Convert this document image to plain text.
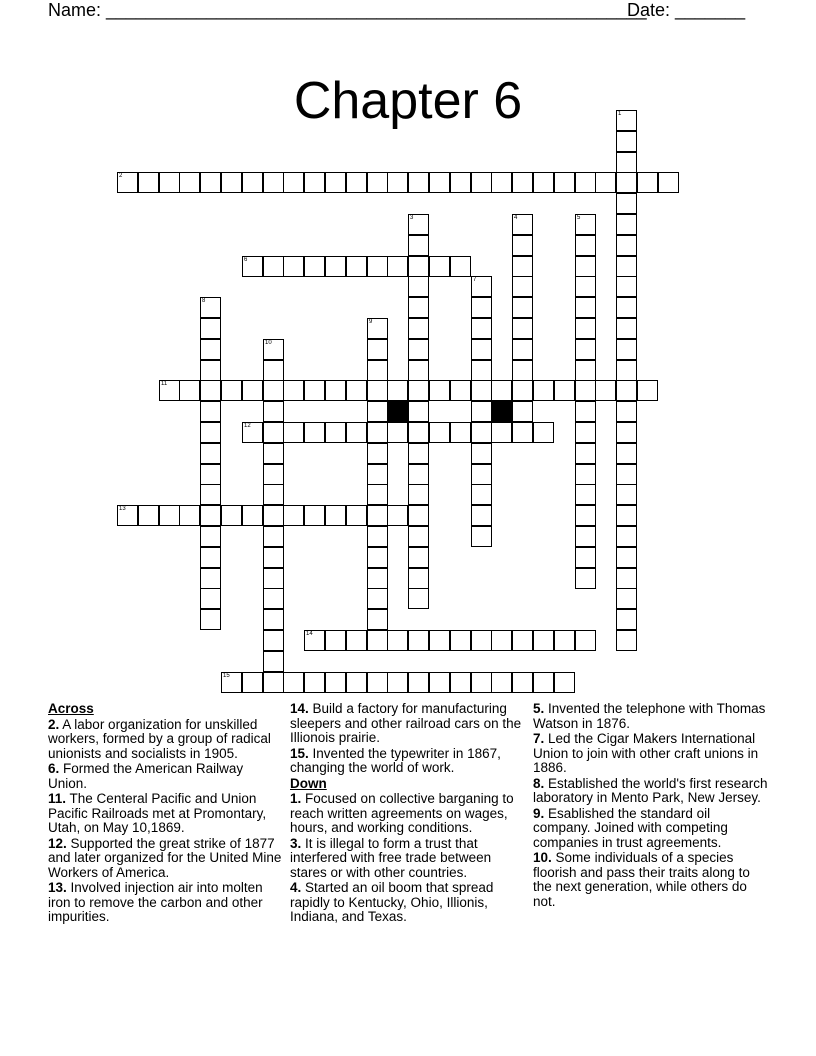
Name: ______________________________________________________
Date: _______
Chapter 6
2
6
11
12
13
14
15
1
3	4	5
7
8
9
10
Across
2. A labor organization for unskilled workers, formed by a group of radical unionists and socialists in 1905.
6. Formed the American Railway Union.
11. The Centeral Pacific and Union Pacific Railroads met at Promontary, Utah, on May 10,1869.
12. Supported the great strike of 1877 and later organized for the United Mine Workers of America.
13. Involved injection air into molten iron to remove the carbon and other impurities.
14. Build a factory for manufacturing sleepers and other railroad cars on the Illionois prairie.
15. Invented the typewriter in 1867, changing the world of work.
Down
1. Focused on collective barganing to reach written agreements on wages, hours, and working conditions.
3. It is illegal to form a trust that interfered with free trade between stares or with other countries.
4. Started an oil boom that spread rapidly to Kentucky, Ohio, Illionis, Indiana, and Texas.
5. Invented the telephone with Thomas Watson in 1876.
7. Led the Cigar Makers International Union to join with other craft unions in 1886.
8. Established the world's first research laboratory in Mento Park, New Jersey.
9. Esablished the standard oil company. Joined with competing companies in trust agreements.
10. Some individuals of a species floorish and pass their traits along to the next generation, while others do not.
